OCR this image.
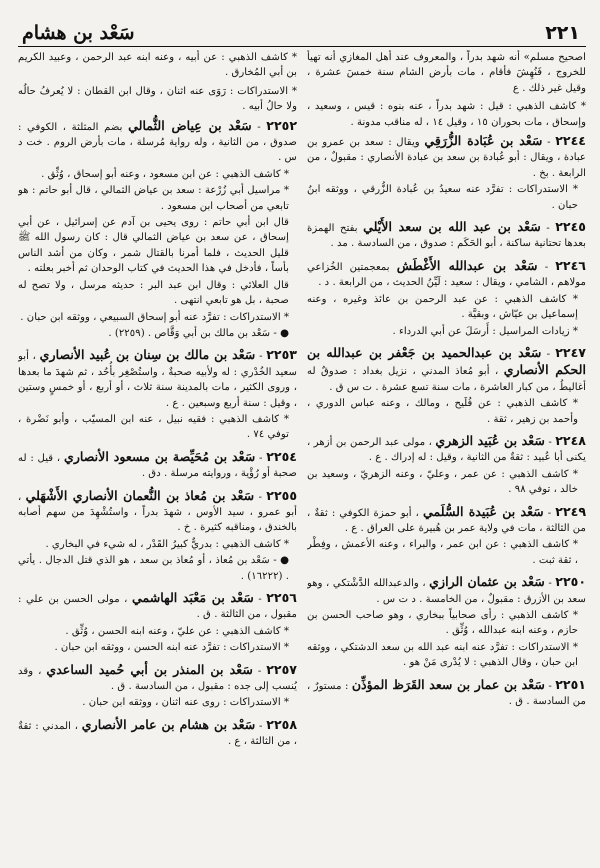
٢٢١
سَعْد بن هشام

اصحيح مسلم» أنه شهد بدراً ، والمعروف عند أهل المغازي أنه تهيأ للخروج ، فَنُهِشَ فأقام ، مات بأرض الشام سنة خمسَ عشرة ، وقيل غير ذلك . ع

* كاشف الذهبي : قيل : شهد بدراً ، عنه بنوه : قيس ، وسعيد ، وإسحاق ، مات بحوران ١٥ ، وقيل ١٤ ، له مناقب مدونة .

٢٢٤٤ - سَعْد بن عُبَادة الزُّرَقِي ويقال : سعد بن عمرو بن عبادة ، ويقال : أبو عُبادة بن سعد بن عبادة الأنصاري : مقبولٌ ، من الرابعة . بخ .

* الاستدراكات : تفرَّد عنه سعيدُ بن عُبادة الزُّرقي ، ووثقه ابنُ حبان .

٢٢٤٥ - سَعْد بن عبد الله بن سعد الأَيْلي بفتح الهمزة بعدها تحتانية ساكنة ، أبو الحَكَم : صدوق ، من السادسة . مد .

٢٢٤٦ - سَعْد بن عبدالله الأَغْطَش بمعجمتين الخُزاعي مولاهم ، الشامي ، ويقال : سعيد : لَيِّنُ الحديث ، من الرابعة . د .

* كاشف الذهبي : عن عبد الرحمن بن عائذ وغيره ، وعنه إسماعيل بن عيّاش ، وبقيَّة .

* زيادات المراسيل : أَرسَلَ عن أبي الدرداء .

٢٢٤٧ - سَعْد بن عبدالحميد بن جَعْفر بن عبدالله بن الحكم الأنصاري ، أبو مُعاذ المدني ، نزيل بغداد : صدوقٌ له أغاليطُ ، من كبار العاشرة ، مات سنة تسع عشرة . ت س ق .

* كاشف الذهبي : عن فُلَيح ، ومالك ، وعنه عباس الدوري ، وأحمد بن زهير ، ثقة .

٢٢٤٨ - سَعْد بن عُبَيد الزهري ، مولى عبد الرحمن بن أزهر ، يكنى أبا عُبيد : ثقةٌ من الثانية ، وقيل : له إدراك . ع .

* كاشف الذهبي : عن عمر ، وعليّ ، وعنه الزهريّ ، وسعيد بن خالد ، توفي ٩٨ .

٢٢٤٩ - سَعْد بن عُبَيدة السُّلَمي ، أبو حمزة الكوفي : ثقةٌ ، من الثالثة ، مات في ولاية عمر بن هُبيرة على العراق . ع .

* كاشف الذهبي : عن ابن عمر ، والبراء ، وعنه الأعمش ، وفِطْر ، ثقة ثبت .

٢٢٥٠ - سَعْد بن عثمان الرازي ، والدعبدالله الدَّشْتكي ، وهو سعد بن الأزرق : مقبولٌ ، من الخامسة . د ت س .

* كاشف الذهبي : رأى صحابياً ببخاري ، وهو صاحب الحسن بن حازم ، وعنه ابنه عبدالله ، وُثِّق .

* الاستدراكات : تفرَّد عنه ابنه عبد الله بن سعد الدشتكي ، ووثقه ابن حبان ، وقال الذهبي : لا يُدْرى مَنْ هو .

٢٢٥١ - سَعْد بن عمار بن سعد القَرَظ المؤذِّن : مستورٌ ، من السادسة . ق .

* كاشف الذهبي : عن أبيه ، وعنه ابنه عبد الرحمن ، وعبيد الكريم بن أبي المُخارق .

* الاستدراكات : رَوَى عنه اثنان ، وقال ابن القطان : لا يُعرفُ حالُه ولا حالُ أبيه .

٢٢٥٢ - سَعْد بن عِياض الثُّمالي بضم المثلثة ، الكوفي : صدوق ، من الثانية ، وله رواية مُرسلة ، مات بأرض الروم . خت د س .

* كاشف الذهبي : عن ابن مسعود ، وعنه أبو إسحاق ، وُثِّق .

* مراسيل أبي زُرْعة : سعد بن عياض الثمالي ، قال أبو حاتم : هو تابعي من أصحاب ابن مسعود .

قال ابن أبي حاتم : روى يحيى بن آدم عن إسرائيل ، عن أبي إسحاق ، عن سعد بن عياض الثمالي قال : كان رسول الله ﷺ قليل الحديث ، فلما أمرنا بالقتال شمر ، وكان من أشد الناس بأساً ، فأدخل في هذا الحديث في كتاب الوحدان ثم أخبر بعلته .

قال العلائي : وقال ابن عبد البر : حديثه مرسل ، ولا تصح له صحبة ، بل هو تابعي انتهى .

* الاستدراكات : تفرَّد عنه أبو إسحاق السبيعي ، ووثقه ابن حبان .

● - سَعْد بن مالك بن أبي وَقَّاص . (٢٢٥٩) .

٢٢٥٣ - سَعْد بن مالك بن سِنان بن عُبيد الأنصاري ، أبو سعيد الخُدْري : له ولأبيه صحبةٌ ، واستُصْغِر بأُحُد ، ثم شهدَ ما بعدها ، وروى الكثير ، مات بالمدينة سنة ثلاث ، أو أربع ، أو خمسٍ وستين ، وقيل : سنة أربع وسبعين . ع .

* كاشف الذهبي : فقيه نبيل ، عنه ابن المسيّب ، وأبو نَضْرة ، توفي ٧٤ .

٢٢٥٤ - سَعْد بن مُحَيِّصة بن مسعود الأنصاري ، قيل : له صحبة أو رُؤْية ، وروايته مرسلة . دق .

٢٢٥٥ - سَعْد بن مُعاذ بن النُّعمان الأنصاري الأَشْهَلي ، أبو عمرو ، سيد الأوس ، شهدَ بدراً ، واستُشْهِدَ من سهم أصابه بالخندق ، ومناقبه كثيرة . خ .

* كاشف الذهبي : بدريٌّ كبيرُ القَدْر ، له شيء في البخاري .

● - سَعْد بن مُعاذ ، أو مُعاذ بن سعد ، هو الذي قتل الدجال . يأتي . (١٦٢٢٢) .

٢٢٥٦ - سَعْد بن مَعْبَد الهاشمي ، مولى الحسن بن علي : مقبول ، من الثالثة . ق .

* كاشف الذهبي : عن عليّ ، وعنه ابنه الحسن ، وُثِّق .

* الاستدراكات : تفرَّد عنه ابنه الحسن ، ووثقه ابن حبان .

٢٢٥٧ - سَعْد بن المنذر بن أبي حُميد الساعدي ، وقد يُنسب إلى جده : مقبول ، من السادسة . ق .

* الاستدراكات : روى عنه اثنان ، ووثقه ابن حبان .

٢٢٥٨ - سَعْد بن هشام بن عامر الأنصاري ، المدني : ثقةٌ ، من الثالثة ، ع .
